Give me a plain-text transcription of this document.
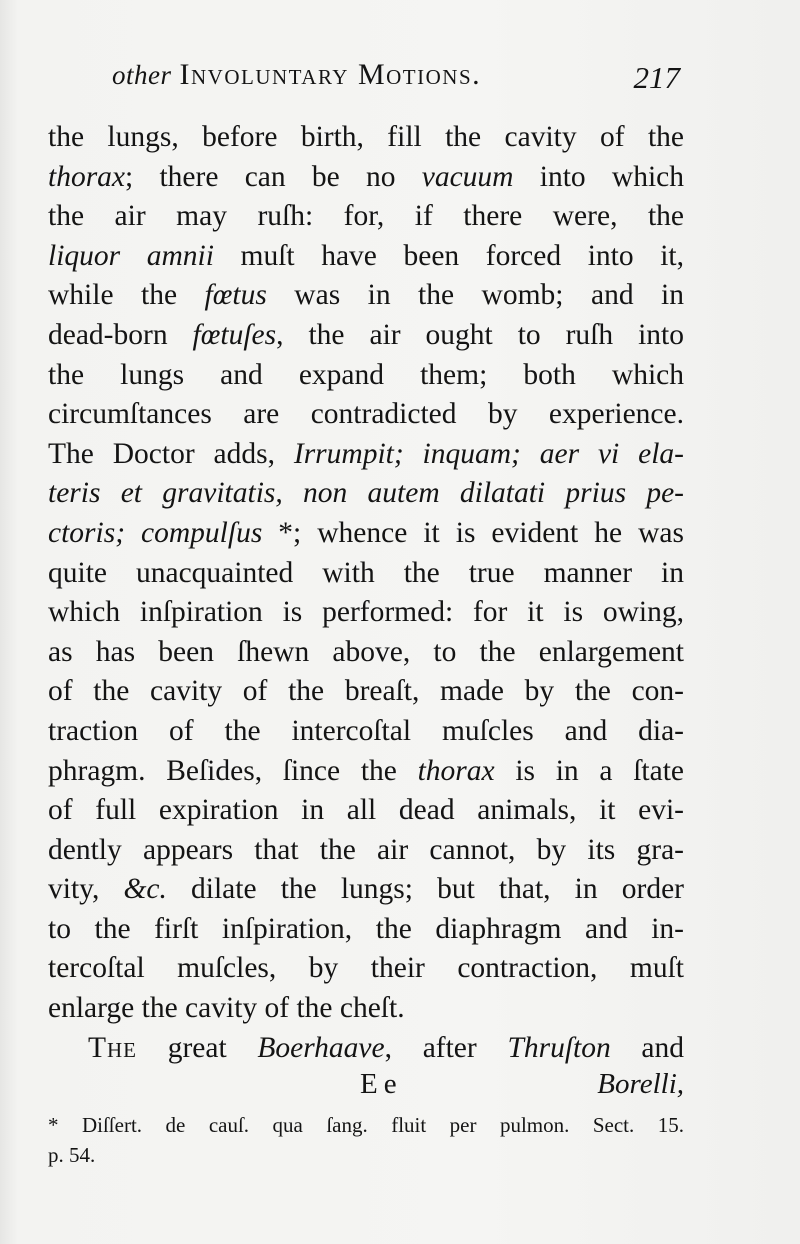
other Involuntary Motions.	217
the lungs, before birth, fill the cavity of the
thorax; there can be no vacuum into which
the air may ruſh: for, if there were, the
liquor amnii muſt have been forced into it,
while the fœtus was in the womb; and in
dead-born fœtuſes, the air ought to ruſh into
the lungs and expand them; both which
circumſtances are contradicted by experience.
The Doctor adds, Irrumpit; inquam; aer vi ela-
teris et gravitatis, non autem dilatati prius pe-
ctoris; compulſus *; whence it is evident he was
quite unacquainted with the true manner in
which inſpiration is performed: for it is owing,
as has been ſhewn above, to the enlargement
of the cavity of the breaſt, made by the con-
traction of the intercoſtal muſcles and dia-
phragm. Beſides, ſince the thorax is in a ſtate
of full expiration in all dead animals, it evi-
dently appears that the air cannot, by its gra-
vity, &c. dilate the lungs; but that, in order
to the firſt inſpiration, the diaphragm and in-
tercoſtal muſcles, by their contraction, muſt
enlarge the cavity of the cheſt.
The great Boerhaave, after Thruſton and
Ee	Borelli,
* Diſſert. de cauſ. qua ſang. fluit per pulmon. Sect. 15.
p. 54.
